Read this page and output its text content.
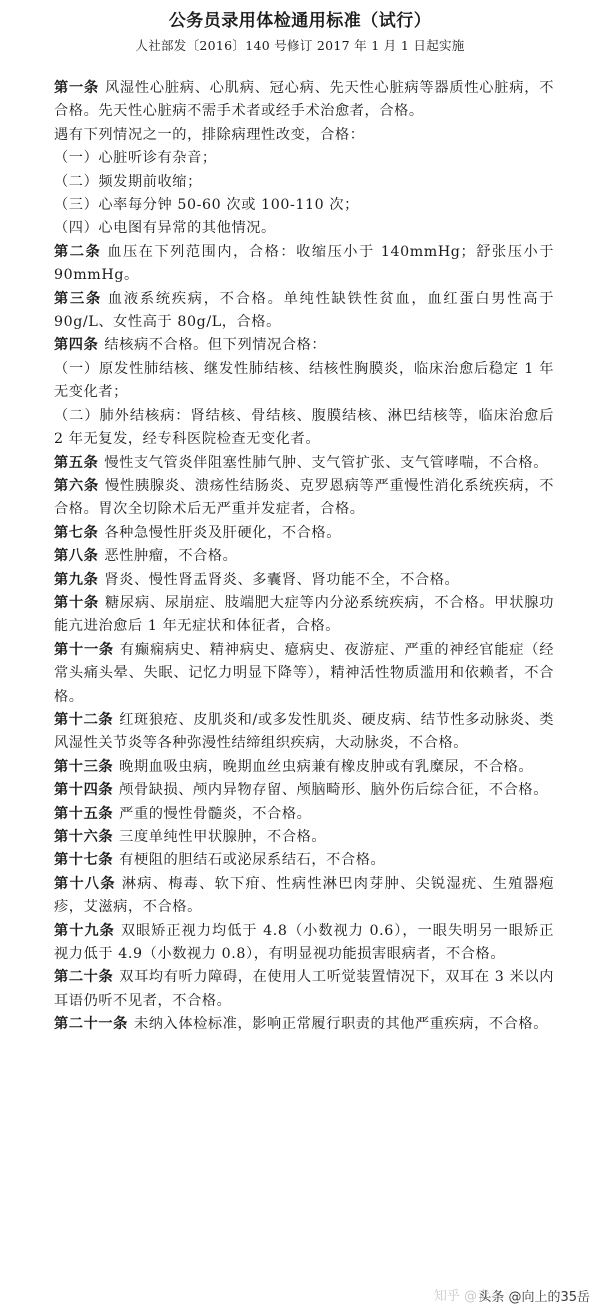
公务员录用体检通用标准（试行）
人社部发〔2016〕140 号修订 2017 年 1 月 1 日起实施

第一条 风湿性心脏病、心肌病、冠心病、先天性心脏病等器质性心脏病，不合格。先天性心脏病不需手术者或经手术治愈者，合格。

遇有下列情况之一的，排除病理性改变，合格：

（一）心脏听诊有杂音；

（二）频发期前收缩；

（三）心率每分钟 50-60 次或 100-110 次；

（四）心电图有异常的其他情况。

第二条 血压在下列范围内，合格：收缩压小于 140mmHg；舒张压小于 90mmHg。

第三条 血液系统疾病，不合格。单纯性缺铁性贫血，血红蛋白男性高于 90g/L、女性高于 80g/L，合格。

第四条 结核病不合格。但下列情况合格：

（一）原发性肺结核、继发性肺结核、结核性胸膜炎，临床治愈后稳定 1 年无变化者；

（二）肺外结核病：肾结核、骨结核、腹膜结核、淋巴结核等，临床治愈后 2 年无复发，经专科医院检查无变化者。

第五条 慢性支气管炎伴阻塞性肺气肿、支气管扩张、支气管哮喘，不合格。

第六条 慢性胰腺炎、溃疡性结肠炎、克罗恩病等严重慢性消化系统疾病，不合格。胃次全切除术后无严重并发症者，合格。

第七条 各种急慢性肝炎及肝硬化，不合格。

第八条 恶性肿瘤，不合格。

第九条 肾炎、慢性肾盂肾炎、多囊肾、肾功能不全，不合格。

第十条 糖尿病、尿崩症、肢端肥大症等内分泌系统疾病，不合格。甲状腺功能亢进治愈后 1 年无症状和体征者，合格。

第十一条 有癫痫病史、精神病史、癔病史、夜游症、严重的神经官能症（经常头痛头晕、失眠、记忆力明显下降等），精神活性物质滥用和依赖者，不合格。

第十二条 红斑狼疮、皮肌炎和/或多发性肌炎、硬皮病、结节性多动脉炎、类风湿性关节炎等各种弥漫性结缔组织疾病，大动脉炎，不合格。

第十三条 晚期血吸虫病，晚期血丝虫病兼有橡皮肿或有乳糜尿，不合格。

第十四条 颅骨缺损、颅内异物存留、颅脑畸形、脑外伤后综合征，不合格。

第十五条 严重的慢性骨髓炎，不合格。

第十六条 三度单纯性甲状腺肿，不合格。

第十七条 有梗阻的胆结石或泌尿系结石，不合格。

第十八条 淋病、梅毒、软下疳、性病性淋巴肉芽肿、尖锐湿疣、生殖器疱疹，艾滋病，不合格。

第十九条 双眼矫正视力均低于 4.8（小数视力 0.6），一眼失明另一眼矫正视力低于 4.9（小数视力 0.8），有明显视功能损害眼病者，不合格。

第二十条 双耳均有听力障碍，在使用人工听觉装置情况下，双耳在 3 米以内耳语仍听不见者，不合格。

第二十一条 未纳入体检标准，影响正常履行职责的其他严重疾病，不合格。

知乎 @青
头条 @向上的35岳
